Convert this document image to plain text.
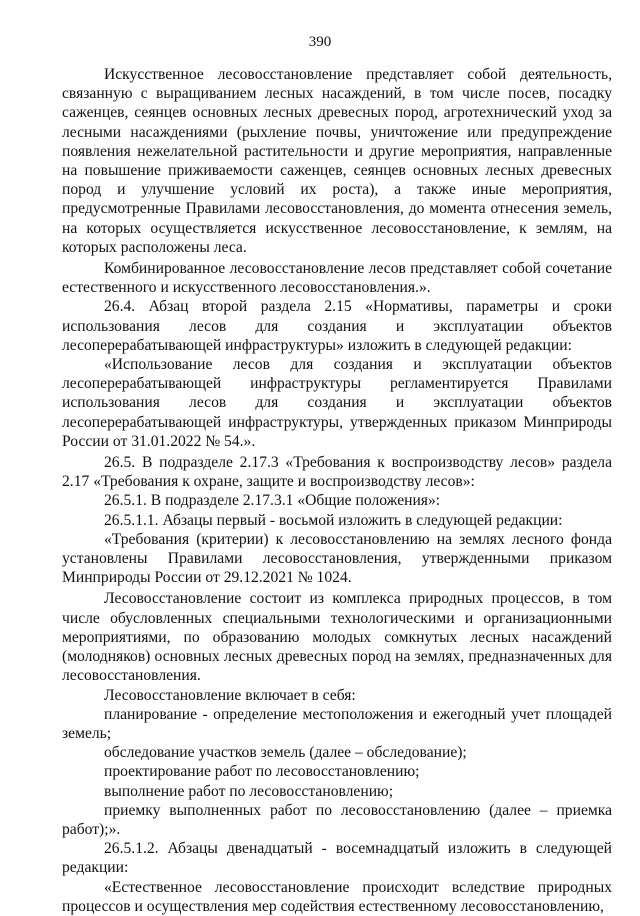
390

Искусственное лесовосстановление представляет собой деятельность, связанную с выращиванием лесных насаждений, в том числе посев, посадку саженцев, сеянцев основных лесных древесных пород, агротехнический уход за лесными насаждениями (рыхление почвы, уничтожение или предупреждение появления нежелательной растительности и другие мероприятия, направленные на повышение приживаемости саженцев, сеянцев основных лесных древесных пород и улучшение условий их роста), а также иные мероприятия, предусмотренные Правилами лесовосстановления, до момента отнесения земель, на которых осуществляется искусственное лесовосстановление, к землям, на которых расположены леса.

Комбинированное лесовосстановление лесов представляет собой сочетание естественного и искусственного лесовосстановления.».

26.4. Абзац второй раздела 2.15 «Нормативы, параметры и сроки использования лесов для создания и эксплуатации объектов лесоперерабатывающей инфраструктуры» изложить в следующей редакции:

«Использование лесов для создания и эксплуатации объектов лесоперерабатывающей инфраструктуры регламентируется Правилами использования лесов для создания и эксплуатации объектов лесоперерабатывающей инфраструктуры, утвержденных приказом Минприроды России от 31.01.2022 № 54.».

26.5. В подразделе 2.17.3 «Требования к воспроизводству лесов» раздела 2.17 «Требования к охране, защите и воспроизводству лесов»:

26.5.1. В подразделе 2.17.3.1 «Общие положения»:

26.5.1.1. Абзацы первый - восьмой изложить в следующей редакции:

«Требования (критерии) к лесовосстановлению на землях лесного фонда установлены Правилами лесовосстановления, утвержденными приказом Минприроды России от 29.12.2021 № 1024.

Лесовосстановление состоит из комплекса природных процессов, в том числе обусловленных специальными технологическими и организационными мероприятиями, по образованию молодых сомкнутых лесных насаждений (молодняков) основных лесных древесных пород на землях, предназначенных для лесовосстановления.

Лесовосстановление включает в себя:

планирование - определение местоположения и ежегодный учет площадей земель;

обследование участков земель (далее – обследование);

проектирование работ по лесовосстановлению;

выполнение работ по лесовосстановлению;

приемку выполненных работ по лесовосстановлению (далее – приемка работ);».

26.5.1.2. Абзацы двенадцатый - восемнадцатый изложить в следующей редакции:

«Естественное лесовосстановление происходит вследствие природных процессов и осуществления мер содействия естественному лесовосстановлению,
